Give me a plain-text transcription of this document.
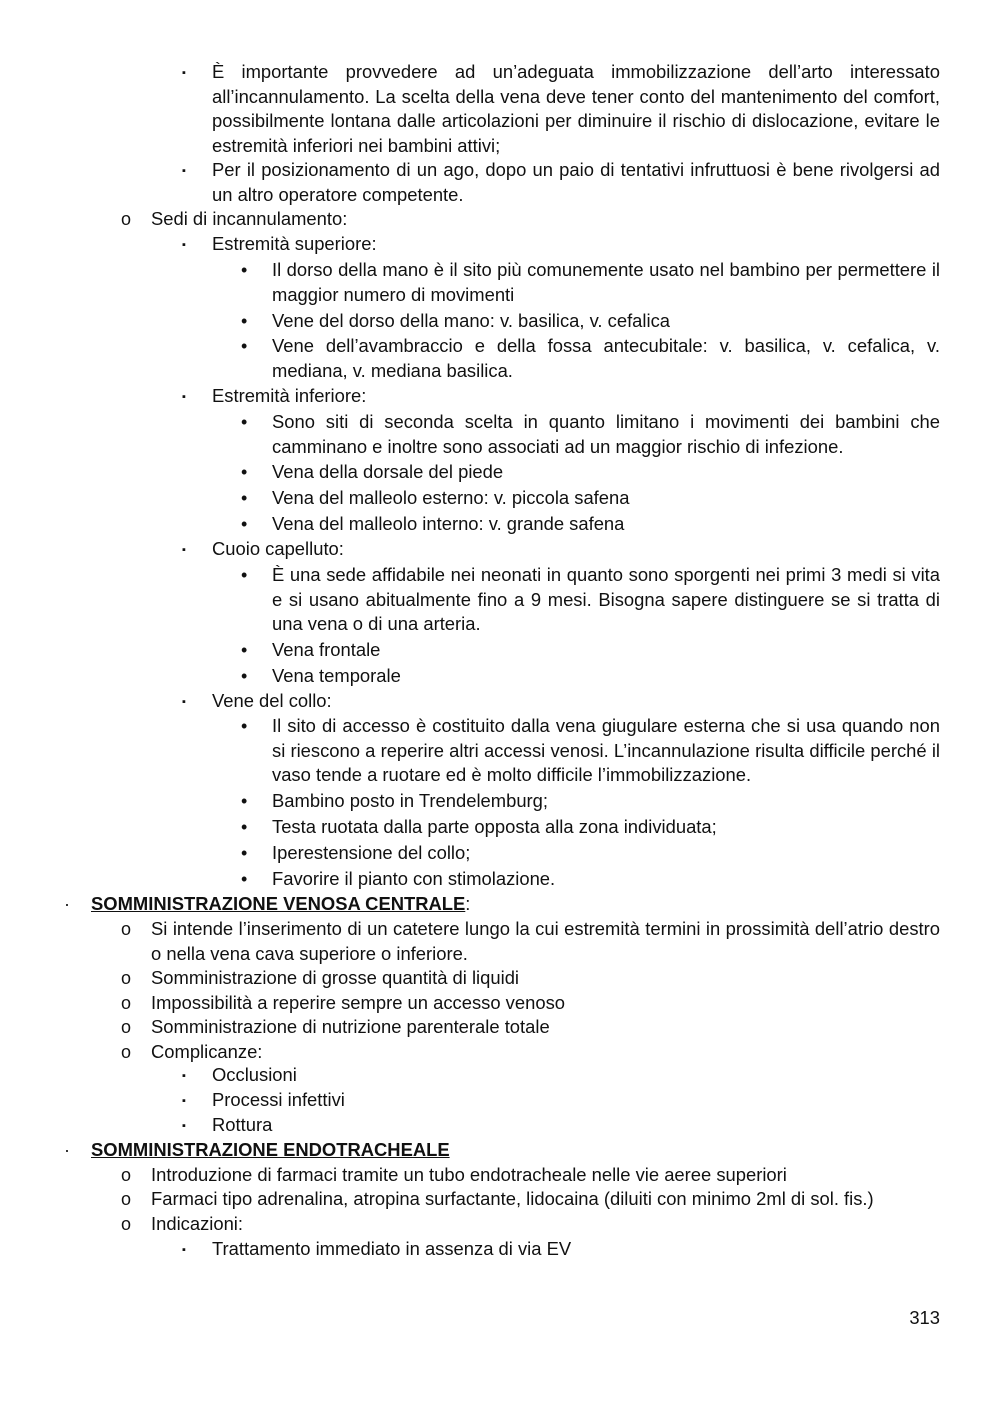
▪ È importante provvedere ad un’adeguata immobilizzazione dell’arto interessato all’incannulamento. La scelta della vena deve tener conto del mantenimento del comfort, possibilmente lontana dalle articolazioni per diminuire il rischio di dislocazione, evitare le estremità inferiori nei bambini attivi;
▪ Per il posizionamento di un ago, dopo un paio di tentativi infruttuosi è bene rivolgersi ad un altro operatore competente.
o Sedi di incannulamento:
▪ Estremità superiore:
• Il dorso della mano è il sito più comunemente usato nel bambino per permettere il maggior numero di movimenti
• Vene del dorso della mano: v. basilica, v. cefalica
• Vene dell’avambraccio e della fossa antecubitale: v. basilica, v. cefalica, v. mediana, v. mediana basilica.
▪ Estremità inferiore:
• Sono siti di seconda scelta in quanto limitano i movimenti dei bambini che camminano e inoltre sono associati ad un maggior rischio di infezione.
• Vena della dorsale del piede
• Vena del malleolo esterno: v. piccola safena
• Vena del malleolo interno: v. grande safena
▪ Cuoio capelluto:
• È una sede affidabile nei neonati in quanto sono sporgenti nei primi 3 medi si vita e si usano abitualmente fino a 9 mesi. Bisogna sapere distinguere se si tratta di una vena o di una arteria.
• Vena frontale
• Vena temporale
▪ Vene del collo:
• Il sito di accesso è costituito dalla vena giugulare esterna che si usa quando non si riescono a reperire altri accessi venosi. L’incannulazione risulta difficile perché il vaso tende a ruotare ed è molto difficile l’immobilizzazione.
• Bambino posto in Trendelemburg;
• Testa ruotata dalla parte opposta alla zona individuata;
• Iperestensione del collo;
• Favorire il pianto con stimolazione.
· SOMMINISTRAZIONE VENOSA CENTRALE:
o Si intende l’inserimento di un catetere lungo la cui estremità termini in prossimità dell’atrio destro o nella vena cava superiore o inferiore.
o Somministrazione di grosse quantità di liquidi
o Impossibilità a reperire sempre un accesso venoso
o Somministrazione di nutrizione parenterale totale
o Complicanze:
▪ Occlusioni
▪ Processi infettivi
▪ Rottura
· SOMMINISTRAZIONE ENDOTRACHEALE
o Introduzione di farmaci tramite un tubo endotracheale nelle vie aeree superiori
o Farmaci tipo adrenalina, atropina surfactante, lidocaina (diluiti con minimo 2ml di sol. fis.)
o Indicazioni:
▪ Trattamento immediato in assenza di via EV
313
